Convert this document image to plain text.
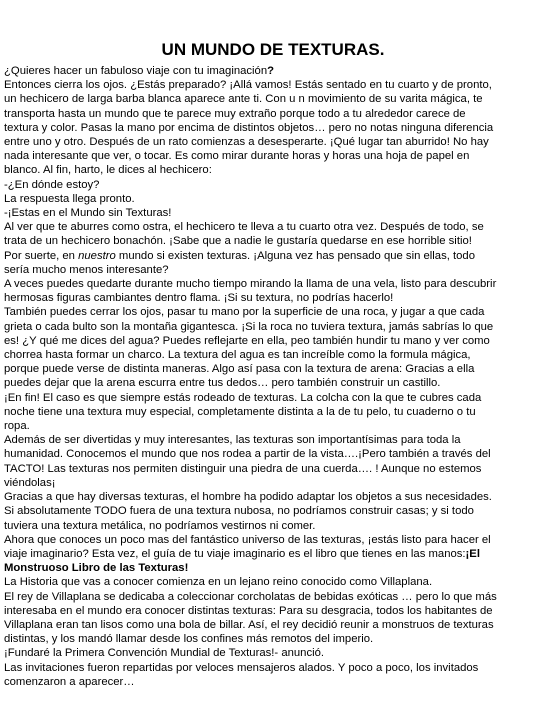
UN MUNDO DE TEXTURAS.
¿Quieres hacer un fabuloso viaje con tu imaginación?
Entonces cierra los ojos. ¿Estás preparado? ¡Allá vamos! Estás sentado en tu cuarto y de pronto,
un hechicero de larga barba blanca aparece ante ti. Con u n movimiento de su varita mágica, te
transporta hasta un mundo que te parece muy extraño porque todo a tu alrededor carece de
textura y color. Pasas la mano por encima de distintos objetos… pero no notas ninguna diferencia
entre uno y otro. Después de un rato comienzas a desesperarte. ¡Qué lugar tan aburrido! No hay
nada interesante que ver, o tocar. Es como mirar durante horas y horas una hoja de papel en
blanco. Al fin, harto, le dices al hechicero:
-¿En dónde estoy?
La respuesta llega pronto.
-¡Estas en el Mundo sin Texturas!
Al ver que te aburres como ostra, el hechicero te lleva a tu cuarto otra vez. Después de todo, se
trata de un hechicero bonachón. ¡Sabe que a nadie le gustaría quedarse en ese horrible sitio!
Por suerte, en nuestro mundo si existen texturas. ¡Alguna vez has pensado que sin ellas, todo
sería mucho menos interesante?
A veces puedes quedarte durante mucho tiempo mirando la llama de una vela, listo para descubrir
hermosas figuras cambiantes dentro flama. ¡Si su textura, no podrías hacerlo!
También puedes cerrar los ojos, pasar tu mano por la superficie de una roca, y jugar a que cada
grieta o cada bulto son la montaña gigantesca. ¡Si la roca no tuviera textura, jamás sabrías lo que
es! ¿Y qué me dices del agua? Puedes reflejarte en ella, peo también hundir tu mano y ver como
chorrea hasta formar un charco. La textura del agua es tan increíble como la formula mágica,
porque puede verse de distinta maneras. Algo así pasa con la textura de arena: Gracias a ella
puedes dejar que la arena escurra entre tus dedos… pero también construir un castillo.
¡En fin! El caso es que siempre estás rodeado de texturas. La colcha con la que te cubres cada
noche tiene una textura muy especial, completamente distinta a la de tu pelo, tu cuaderno o tu
ropa.
Además de ser divertidas y muy interesantes, las texturas son importantísimas para toda la
humanidad. Conocemos el mundo que nos rodea a partir de la vista….¡Pero también a través del
TACTO! Las texturas nos permiten distinguir una piedra de una cuerda…. ! Aunque no estemos
viéndolas¡
Gracias a que hay diversas texturas, el hombre ha podido adaptar los objetos a sus necesidades.
Si absolutamente TODO fuera de una textura nubosa, no podríamos construir casas; y si todo
tuviera una textura metálica, no podríamos vestirnos ni comer.
Ahora que conoces un poco mas del fantástico universo de las texturas, ¡estás listo para hacer el
viaje imaginario? Esta vez, el guía de tu viaje imaginario es el libro que tienes en las manos:¡El
Monstruoso Libro de las Texturas!
La Historia que vas a conocer comienza en un lejano reino conocido como Villaplana.
El rey de Villaplana se dedicaba a coleccionar corcholatas de bebidas exóticas … pero lo que más
interesaba en el mundo era conocer distintas texturas: Para su desgracia, todos los habitantes de
Villaplana eran tan lisos como una bola de billar. Así, el rey decidió reunir a monstruos de texturas
distintas, y los mandó llamar desde los confines más remotos del imperio.
¡Fundaré la Primera Convención Mundial de Texturas!- anunció.
Las invitaciones fueron repartidas por veloces mensajeros alados. Y poco a poco, los invitados
comenzaron a aparecer…
